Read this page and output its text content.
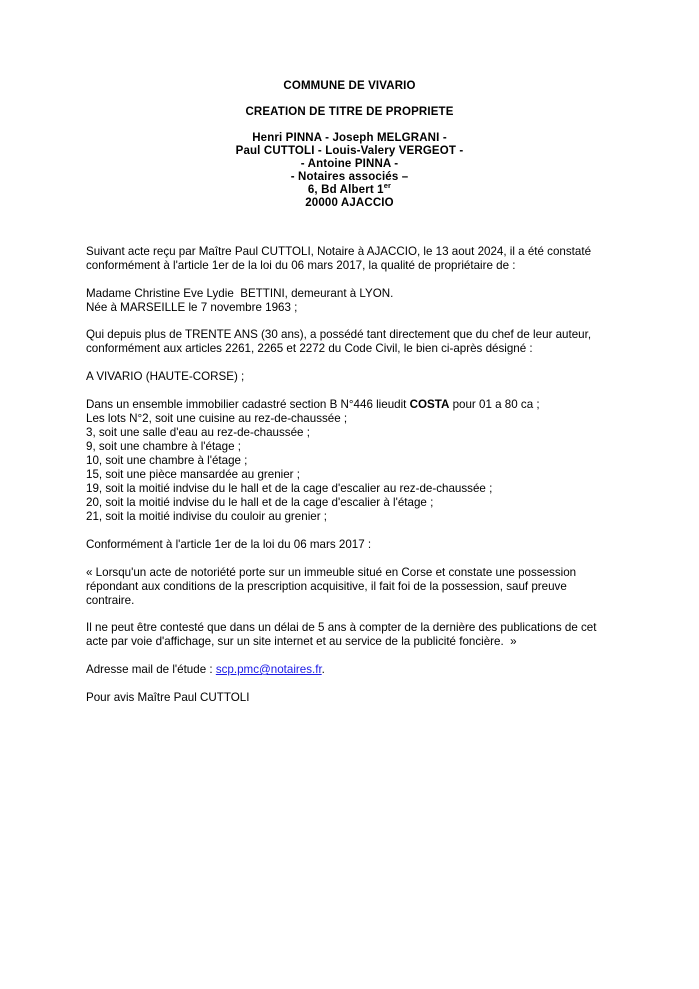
COMMUNE DE VIVARIO
CREATION DE TITRE DE PROPRIETE
Henri PINNA - Joseph MELGRANI -
Paul CUTTOLI - Louis-Valery VERGEOT -
- Antoine PINNA -
- Notaires associés –
6, Bd Albert 1er
20000 AJACCIO

Suivant acte reçu par Maître Paul CUTTOLI, Notaire à AJACCIO, le 13 aout 2024, il a été constaté
conformément à l'article 1er de la loi du 06 mars 2017, la qualité de propriétaire de :

Madame Christine Eve Lydie  BETTINI, demeurant à LYON.
Née à MARSEILLE le 7 novembre 1963 ;

Qui depuis plus de TRENTE ANS (30 ans), a possédé tant directement que du chef de leur auteur,
conformément aux articles 2261, 2265 et 2272 du Code Civil, le bien ci-après désigné :

A VIVARIO (HAUTE-CORSE) ;

Dans un ensemble immobilier cadastré section B N°446 lieudit COSTA pour 01 a 80 ca ;
Les lots N°2, soit une cuisine au rez-de-chaussée ;
3, soit une salle d'eau au rez-de-chaussée ;
9, soit une chambre à l'étage ;
10, soit une chambre à l'étage ;
15, soit une pièce mansardée au grenier ;
19, soit la moitié indvise du le hall et de la cage d'escalier au rez-de-chaussée ;
20, soit la moitié indvise du le hall et de la cage d'escalier à l'étage ;
21, soit la moitié indivise du couloir au grenier ;

Conformément à l'article 1er de la loi du 06 mars 2017 :

« Lorsqu'un acte de notoriété porte sur un immeuble situé en Corse et constate une possession
répondant aux conditions de la prescription acquisitive, il fait foi de la possession, sauf preuve
contraire.

Il ne peut être contesté que dans un délai de 5 ans à compter de la dernière des publications de cet
acte par voie d'affichage, sur un site internet et au service de la publicité foncière.  »

Adresse mail de l'étude : scp.pmc@notaires.fr.

Pour avis Maître Paul CUTTOLI
